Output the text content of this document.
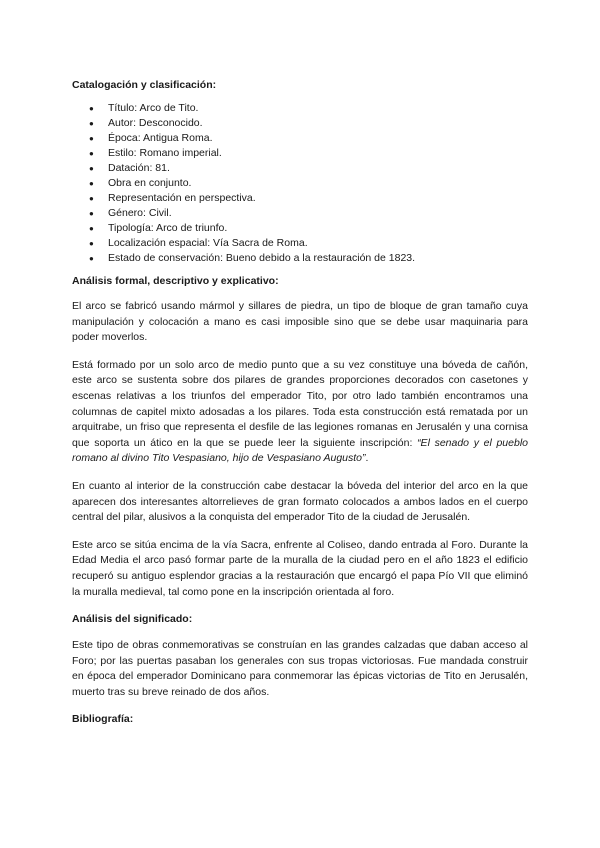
Catalogación y clasificación:
● Título: Arco de Tito.
● Autor: Desconocido.
● Época: Antigua Roma.
● Estilo: Romano imperial.
● Datación: 81.
● Obra en conjunto.
● Representación en perspectiva.
● Género: Civil.
● Tipología: Arco de triunfo.
● Localización espacial: Vía Sacra de Roma.
● Estado de conservación: Bueno debido a la restauración de 1823.
Análisis formal, descriptivo y explicativo:

El arco se fabricó usando mármol y sillares de piedra, un tipo de bloque de gran tamaño cuya manipulación y colocación a mano es casi imposible sino que se debe usar maquinaria para poder moverlos.

Está formado por un solo arco de medio punto que a su vez constituye una bóveda de cañón, este arco se sustenta sobre dos pilares de grandes proporciones decorados con casetones y escenas relativas a los triunfos del emperador Tito, por otro lado también encontramos una columnas de capitel mixto adosadas a los pilares. Toda esta construcción está rematada por un arquitrabe, un friso que representa el desfile de las legiones romanas en Jerusalén y una cornisa que soporta un ático en la que se puede leer la siguiente inscripción: “El senado y el pueblo romano al divino Tito Vespasiano, hijo de Vespasiano Augusto”.

En cuanto al interior de la construcción cabe destacar la bóveda del interior del arco en la que aparecen dos interesantes altorrelieves de gran formato colocados a ambos lados en el cuerpo central del pilar, alusivos a la conquista del emperador Tito de la ciudad de Jerusalén.

Este arco se sitúa encima de la vía Sacra, enfrente al Coliseo, dando entrada al Foro. Durante la Edad Media el arco pasó formar parte de la muralla de la ciudad pero en el año 1823 el edificio recuperó su antiguo esplendor gracias a la restauración que encargó el papa Pío VII que eliminó la muralla medieval, tal como pone en la inscripción orientada al foro.

Análisis del significado:

Este tipo de obras conmemorativas se construían en las grandes calzadas que daban acceso al Foro; por las puertas pasaban los generales con sus tropas victoriosas. Fue mandada construir en época del emperador Dominicano para conmemorar las épicas victorias de Tito en Jerusalén, muerto tras su breve reinado de dos años.

Bibliografía:
